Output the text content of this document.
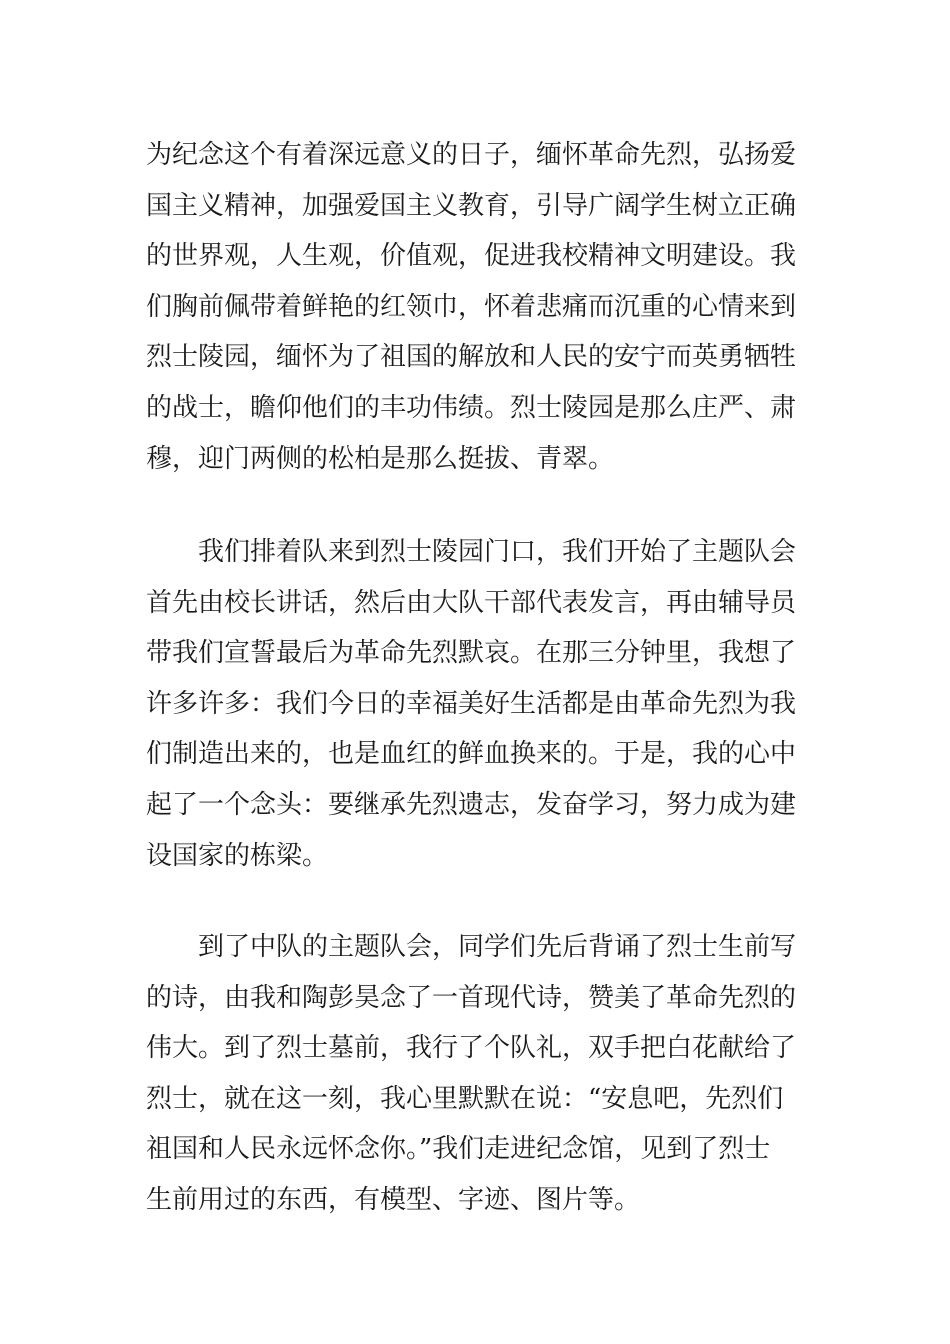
为纪念这个有着深远意义的日子，缅怀革命先烈，弘扬爱
国主义精神，加强爱国主义教育，引导广阔学生树立正确
的世界观，人生观，价值观，促进我校精神文明建设。我
们胸前佩带着鲜艳的红领巾，怀着悲痛而沉重的心情来到
烈士陵园，缅怀为了祖国的解放和人民的安宁而英勇牺牲
的战士，瞻仰他们的丰功伟绩。烈士陵园是那么庄严、肃
穆，迎门两侧的松柏是那么挺拔、青翠。
　　我们排着队来到烈士陵园门口，我们开始了主题队会
首先由校长讲话，然后由大队干部代表发言，再由辅导员
带我们宣誓最后为革命先烈默哀。在那三分钟里，我想了
许多许多：我们今日的幸福美好生活都是由革命先烈为我
们制造出来的，也是血红的鲜血换来的。于是，我的心中
起了一个念头：要继承先烈遗志，发奋学习，努力成为建
设国家的栋梁。
　　到了中队的主题队会，同学们先后背诵了烈士生前写
的诗，由我和陶彭昊念了一首现代诗，赞美了革命先烈的
伟大。到了烈士墓前，我行了个队礼，双手把白花献给了
烈士，就在这一刻，我心里默默在说：“安息吧，先烈们
祖国和人民永远怀念你。”我们走进纪念馆，见到了烈士
生前用过的东西，有模型、字迹、图片等。
